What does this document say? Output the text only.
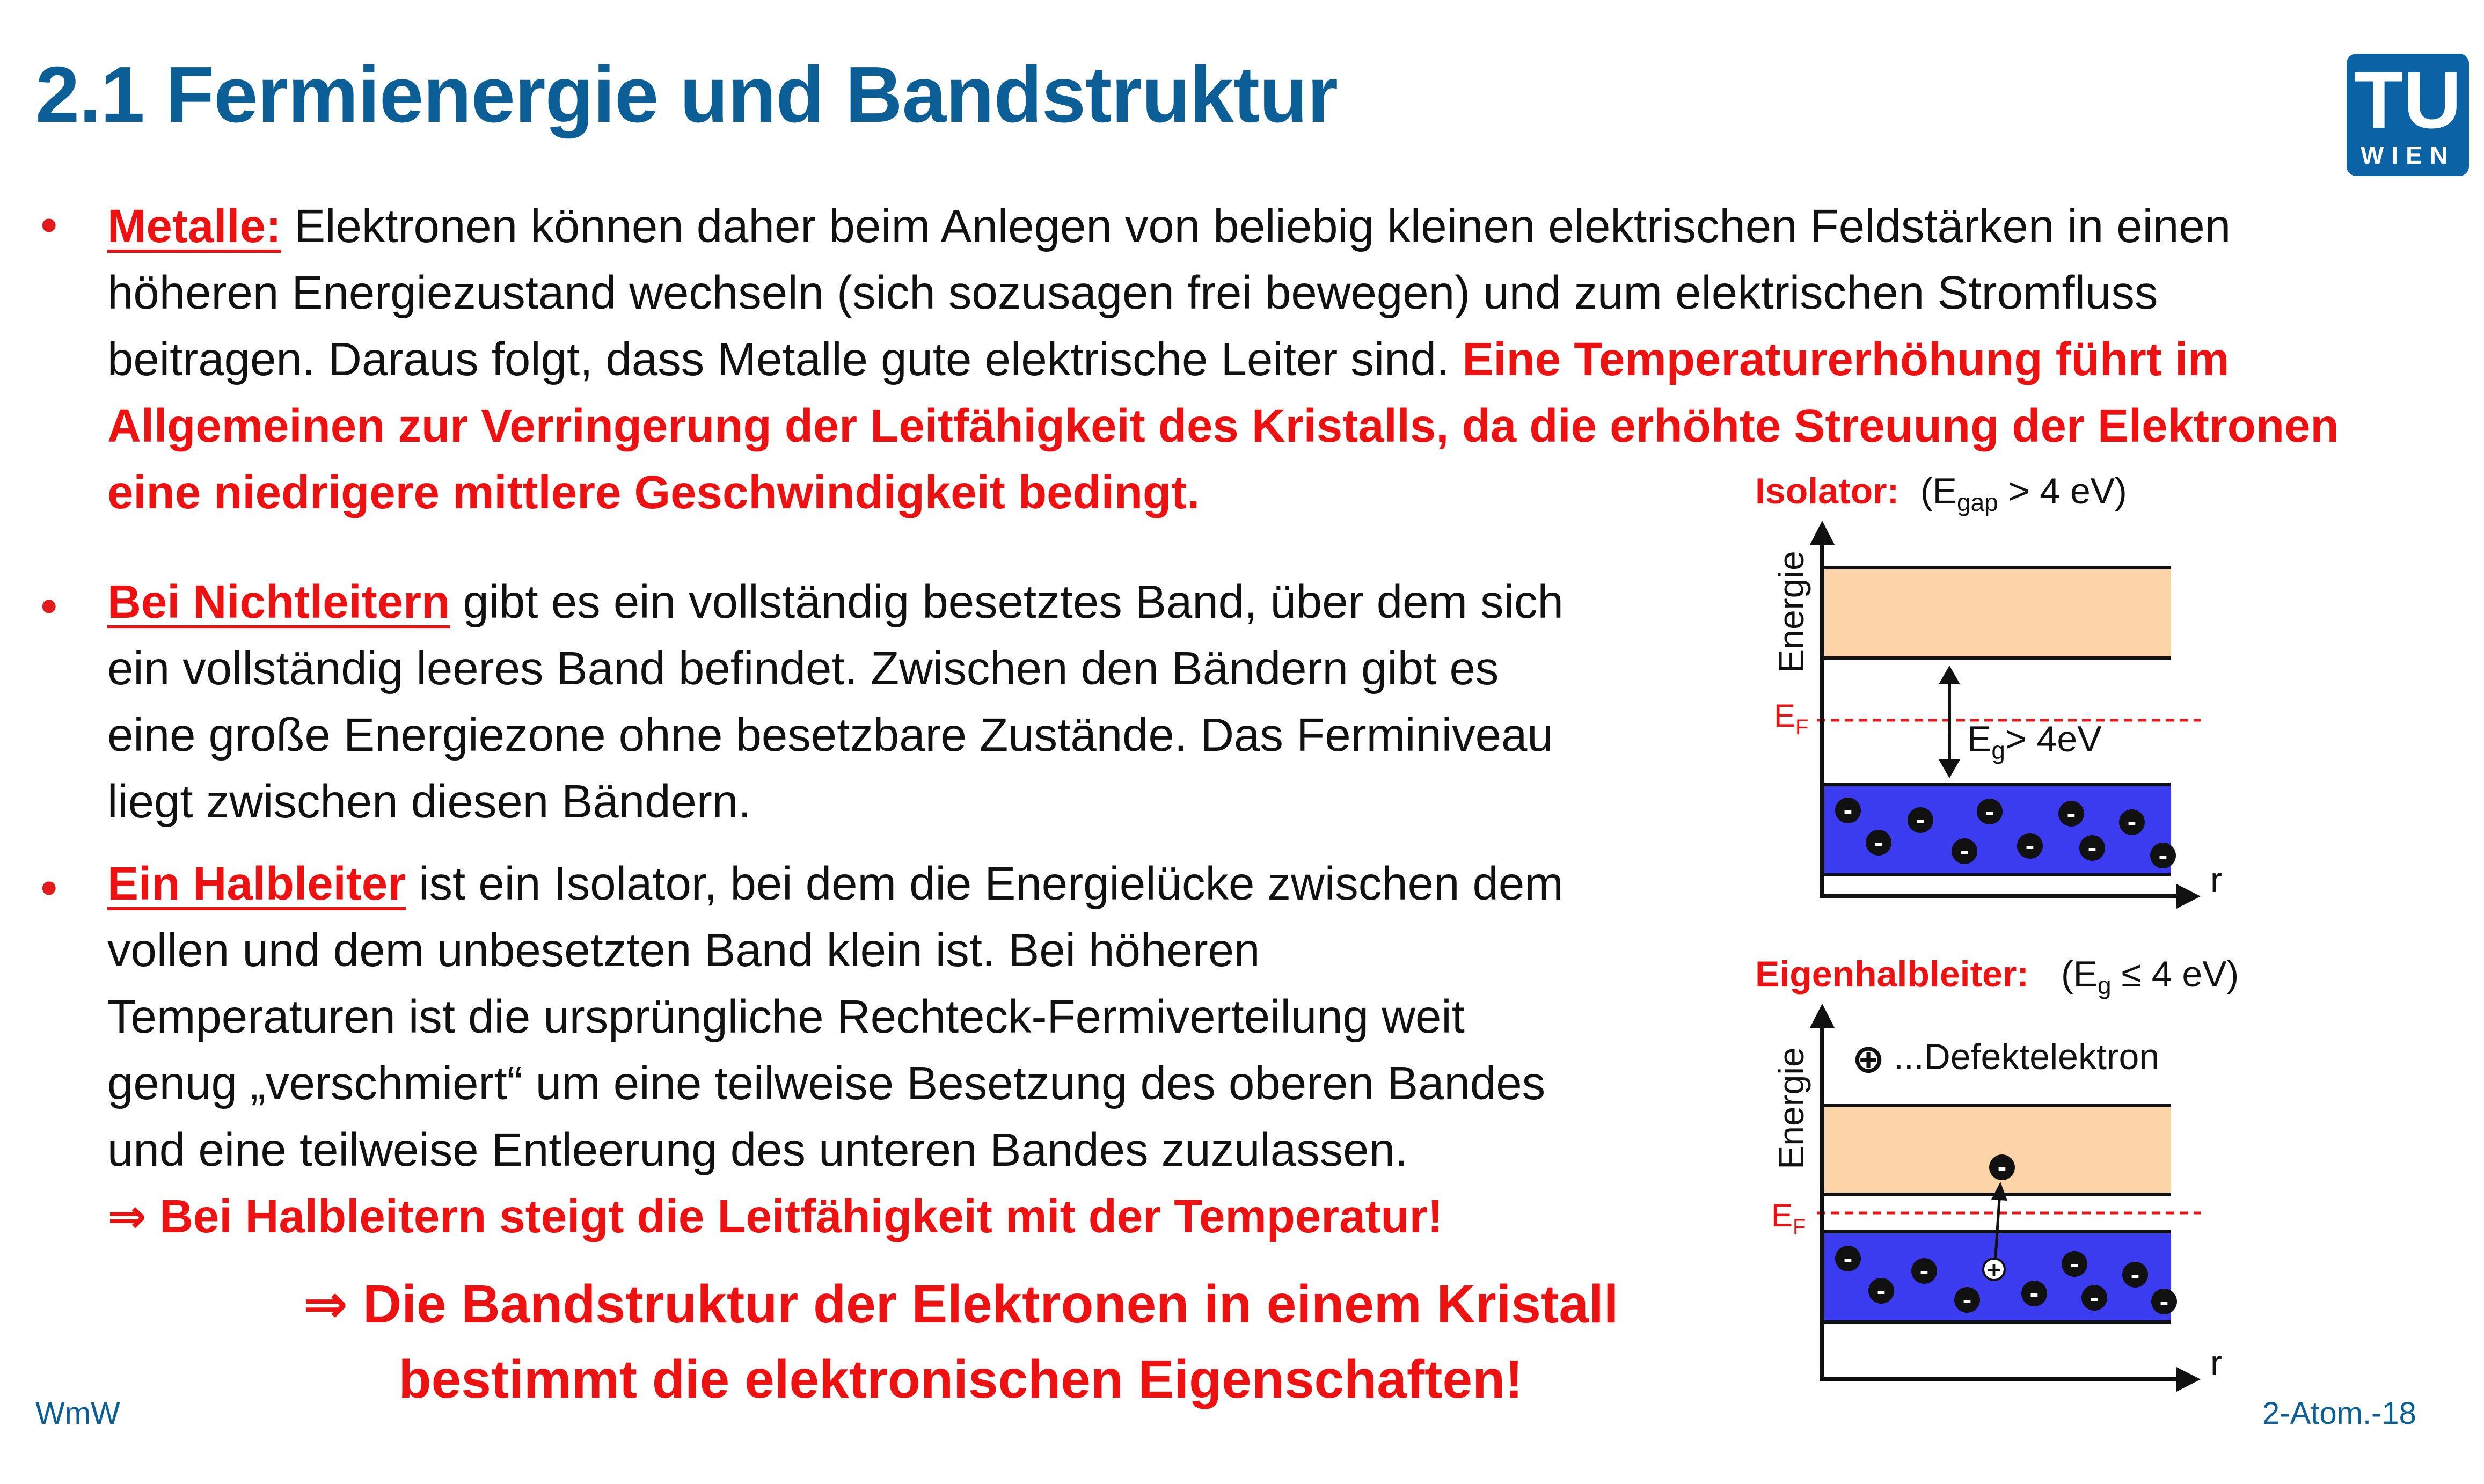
2.1 Fermienergie und Bandstruktur	TU
WIEN
• Metalle: Elektronen können daher beim Anlegen von beliebig kleinen elektrischen Feldstärken in einen
höheren Energiezustand wechseln (sich sozusagen frei bewegen) und zum elektrischen Stromfluss
beitragen. Daraus folgt, dass Metalle gute elektrische Leiter sind. Eine Temperaturerhöhung führt im
Allgemeinen zur Verringerung der Leitfähigkeit des Kristalls, da die erhöhte Streuung der Elektronen
eine niedrigere mittlere Geschwindigkeit bedingt.
• Bei Nichtleitern gibt es ein vollständig besetztes Band, über dem sich
ein vollständig leeres Band befindet. Zwischen den Bändern gibt es
eine große Energiezone ohne besetzbare Zustände. Das Ferminiveau
liegt zwischen diesen Bändern.
• Ein Halbleiter ist ein Isolator, bei dem die Energielücke zwischen dem
vollen und dem unbesetzten Band klein ist. Bei höheren
Temperaturen ist die ursprüngliche Rechteck-Fermiverteilung weit
genug „verschmiert“ um eine teilweise Besetzung des oberen Bandes
und eine teilweise Entleerung des unteren Bandes zuzulassen.
⇒ Bei Halbleitern steigt die Leitfähigkeit mit der Temperatur!
⇒ Die Bandstruktur der Elektronen in einem Kristall
bestimmt die elektronischen Eigenschaften!
Isolator: ($E_{gap} > 4$ eV)
$E_F$	$E_g> 4eV$
-
-
-
-
-
-
-
-
-
-
Energie
r
Eigenhalbleiter: ($E_g \le 4$ eV)
⊕ ...Defektelektron
$E_F$
-
+
-
-
-
- -
-
-
-
-
Energie
r
WmW	2-Atom.-18
